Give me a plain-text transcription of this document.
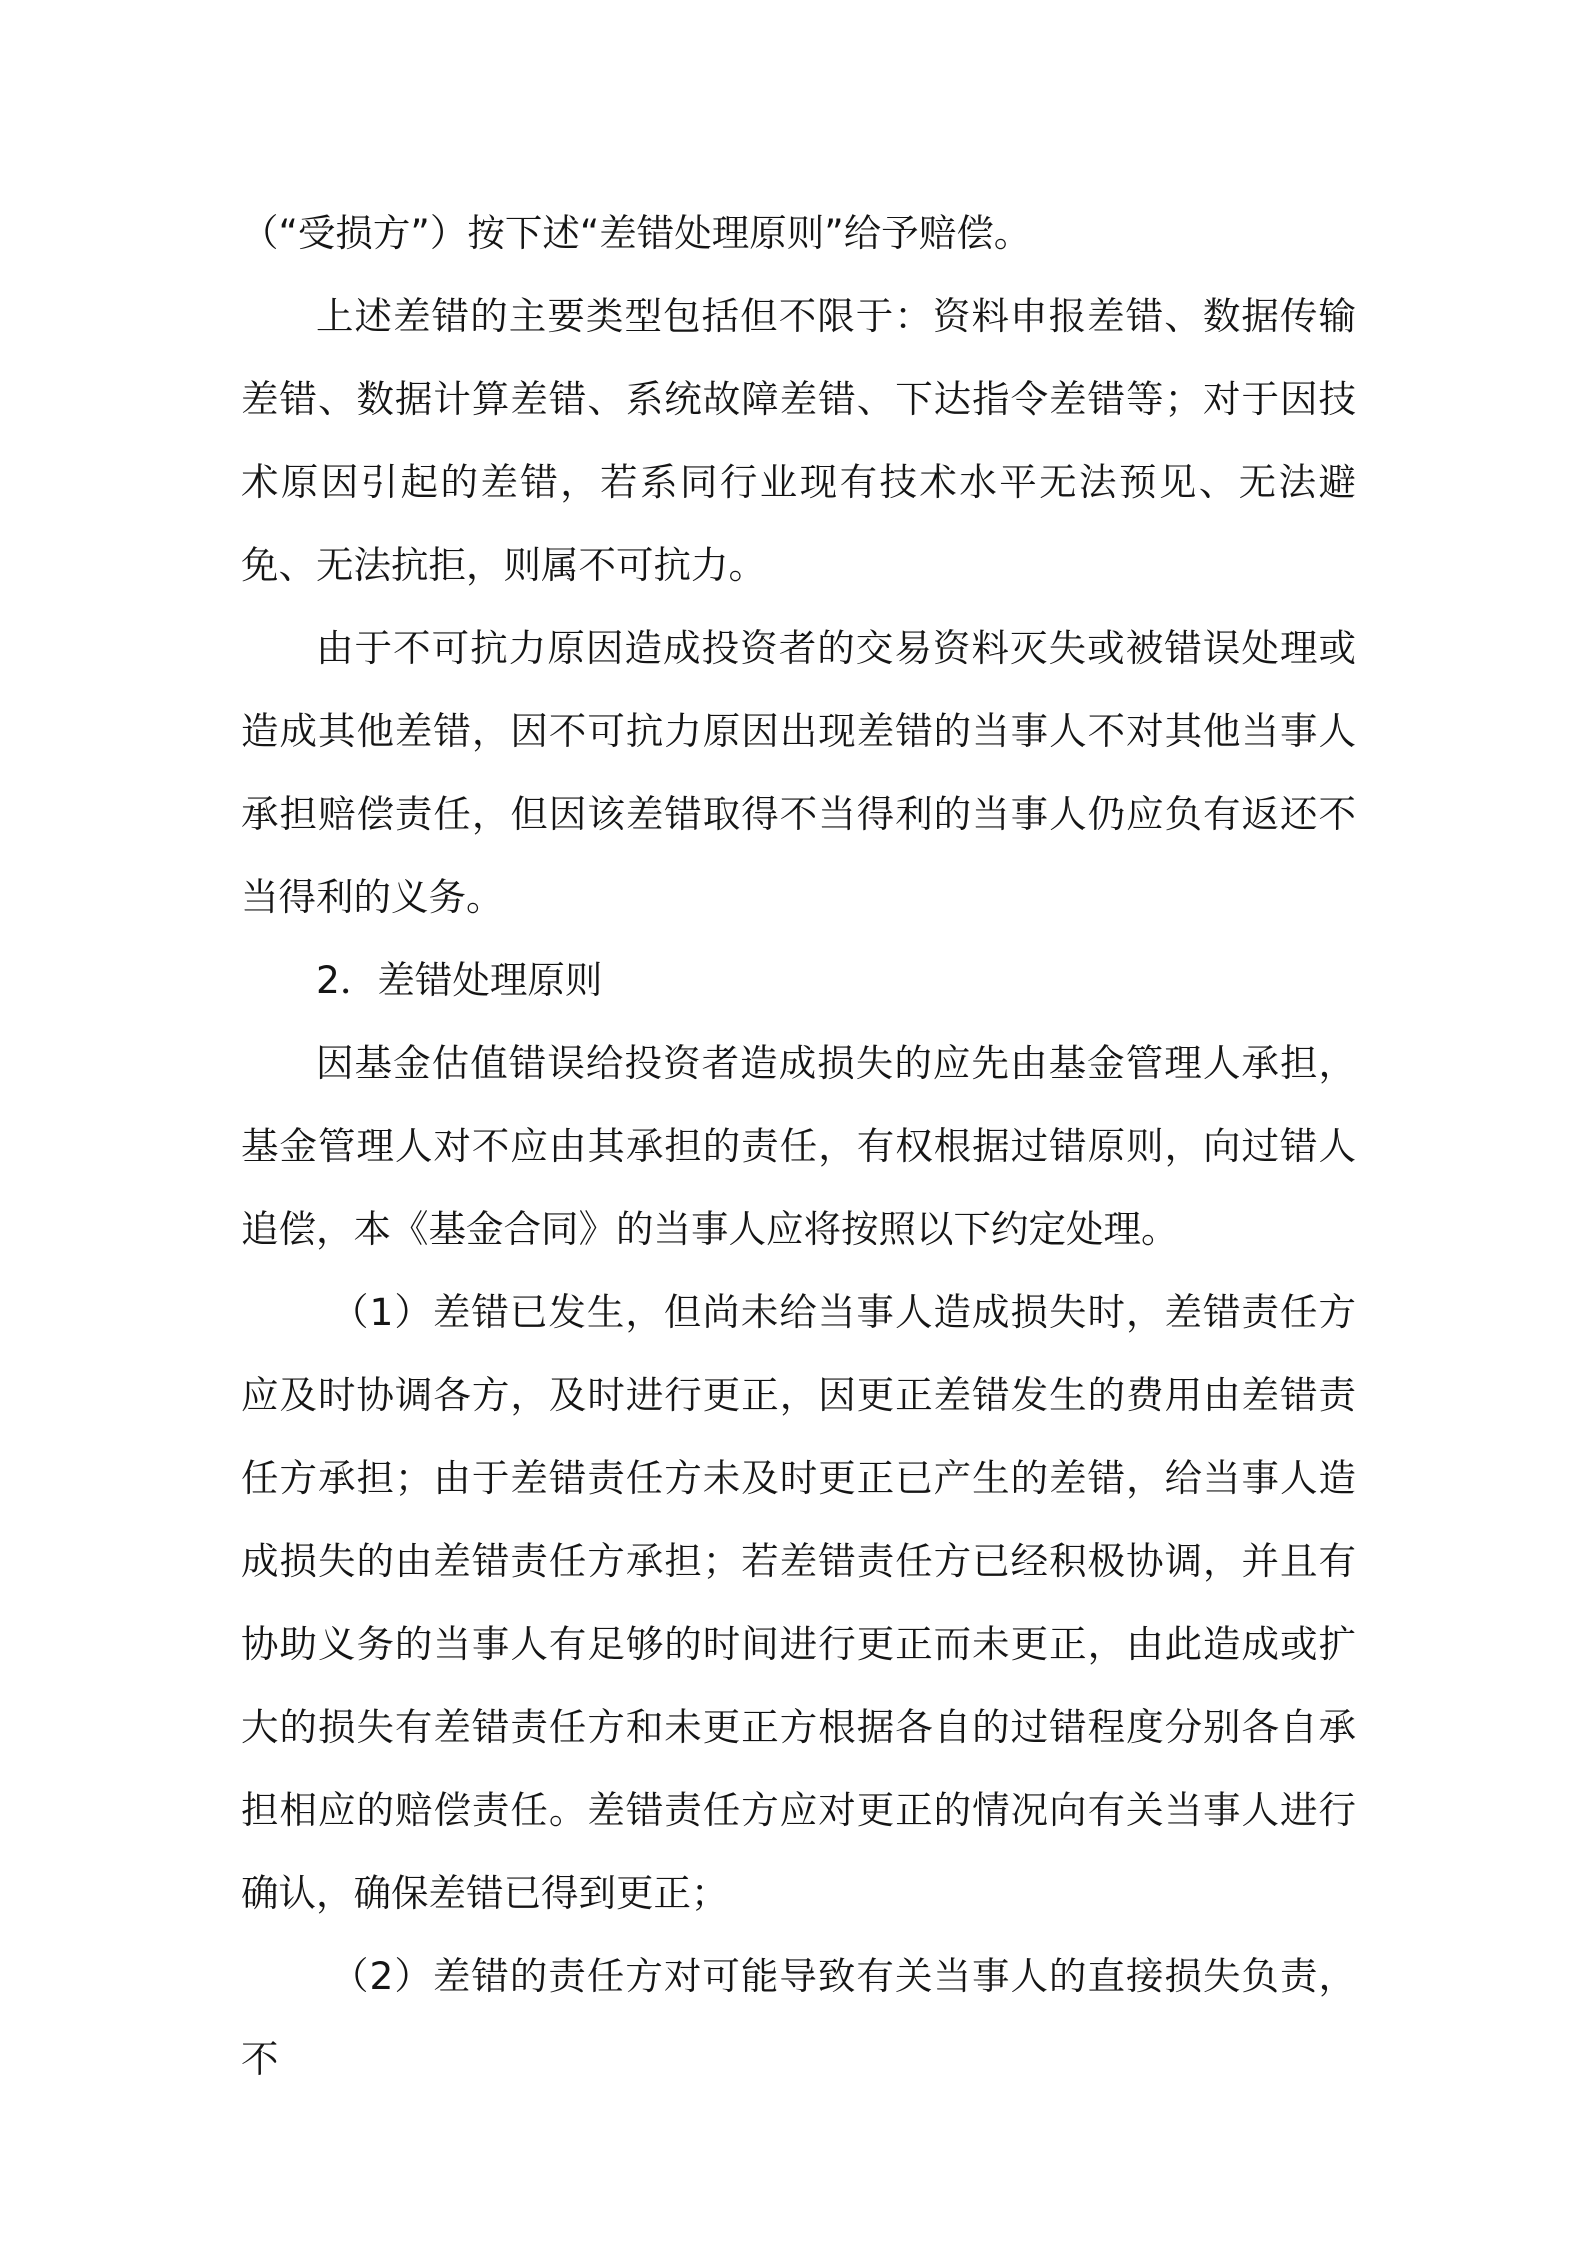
（“受损方”）按下述“差错处理原则”给予赔偿。

上述差错的主要类型包括但不限于：资料申报差错、数据传输差错、数据计算差错、系统故障差错、下达指令差错等；对于因技术原因引起的差错，若系同行业现有技术水平无法预见、无法避免、无法抗拒，则属不可抗力。

由于不可抗力原因造成投资者的交易资料灭失或被错误处理或造成其他差错，因不可抗力原因出现差错的当事人不对其他当事人承担赔偿责任，但因该差错取得不当得利的当事人仍应负有返还不当得利的义务。

2．差错处理原则

因基金估值错误给投资者造成损失的应先由基金管理人承担，基金管理人对不应由其承担的责任，有权根据过错原则，向过错人追偿，本《基金合同》的当事人应将按照以下约定处理。

（1）差错已发生，但尚未给当事人造成损失时，差错责任方应及时协调各方，及时进行更正，因更正差错发生的费用由差错责任方承担；由于差错责任方未及时更正已产生的差错，给当事人造成损失的由差错责任方承担；若差错责任方已经积极协调，并且有协助义务的当事人有足够的时间进行更正而未更正，由此造成或扩大的损失有差错责任方和未更正方根据各自的过错程度分别各自承担相应的赔偿责任。差错责任方应对更正的情况向有关当事人进行确认，确保差错已得到更正；

（2）差错的责任方对可能导致有关当事人的直接损失负责，不
